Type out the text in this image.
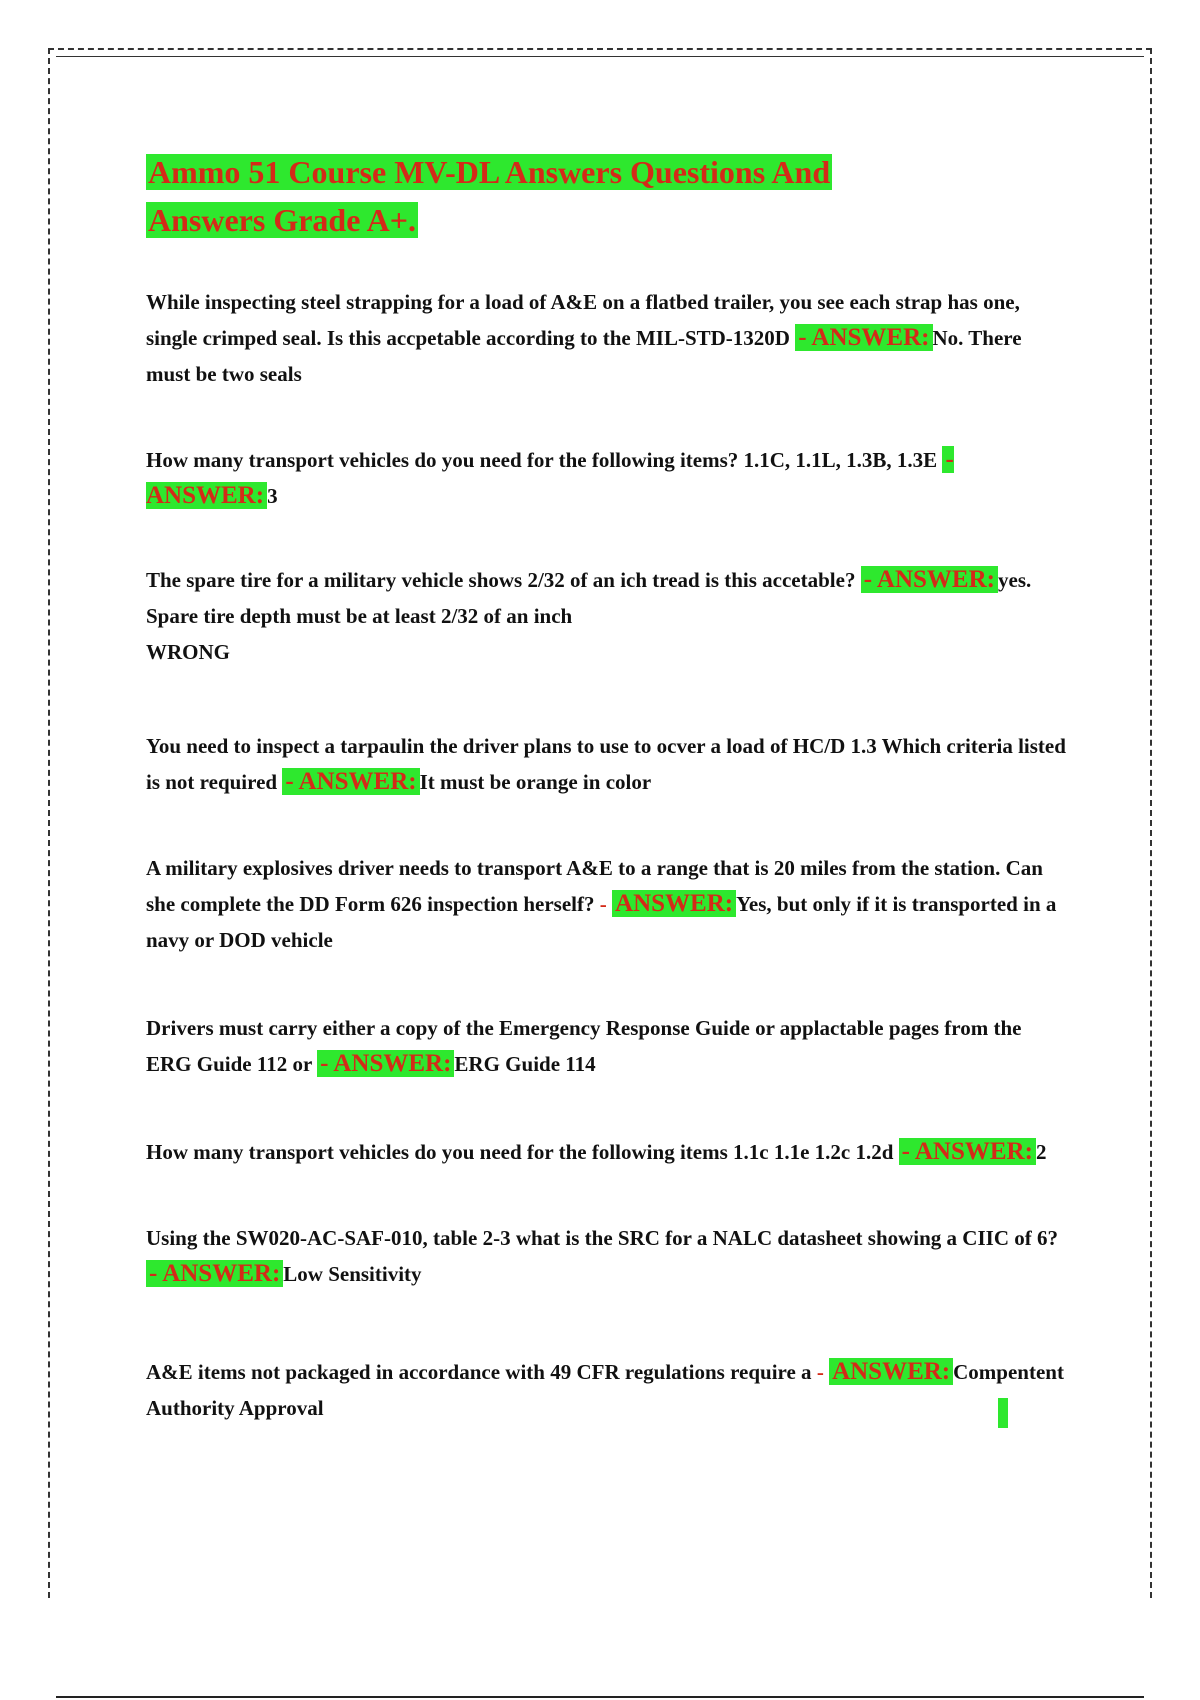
Ammo 51 Course MV-DL Answers Questions And Answers Grade A+.

While inspecting steel strapping for a load of A&E on a flatbed trailer, you see each strap has one, single crimped seal. Is this accpetable according to the MIL-STD-1320D - ANSWER: No. There must be two seals

How many transport vehicles do you need for the following items? 1.1C, 1.1L, 1.3B, 1.3E - ANSWER: 3

The spare tire for a military vehicle shows 2/32 of an ich tread is this accetable? - ANSWER: yes. Spare tire depth must be at least 2/32 of an inch
WRONG

You need to inspect a tarpaulin the driver plans to use to ocver a load of HC/D 1.3 Which criteria listed is not required - ANSWER: It must be orange in color

A military explosives driver needs to transport A&E to a range that is 20 miles from the station. Can she complete the DD Form 626 inspection herself? - ANSWER: Yes, but only if it is transported in a navy or DOD vehicle

Drivers must carry either a copy of the Emergency Response Guide or applactable pages from the ERG Guide 112 or - ANSWER: ERG Guide 114

How many transport vehicles do you need for the following items 1.1c 1.1e 1.2c 1.2d - ANSWER: 2

Using the SW020-AC-SAF-010, table 2-3 what is the SRC for a NALC datasheet showing a CIIC of 6? - ANSWER: Low Sensitivity

A&E items not packaged in accordance with 49 CFR regulations require a - ANSWER: Compentent Authority Approval
